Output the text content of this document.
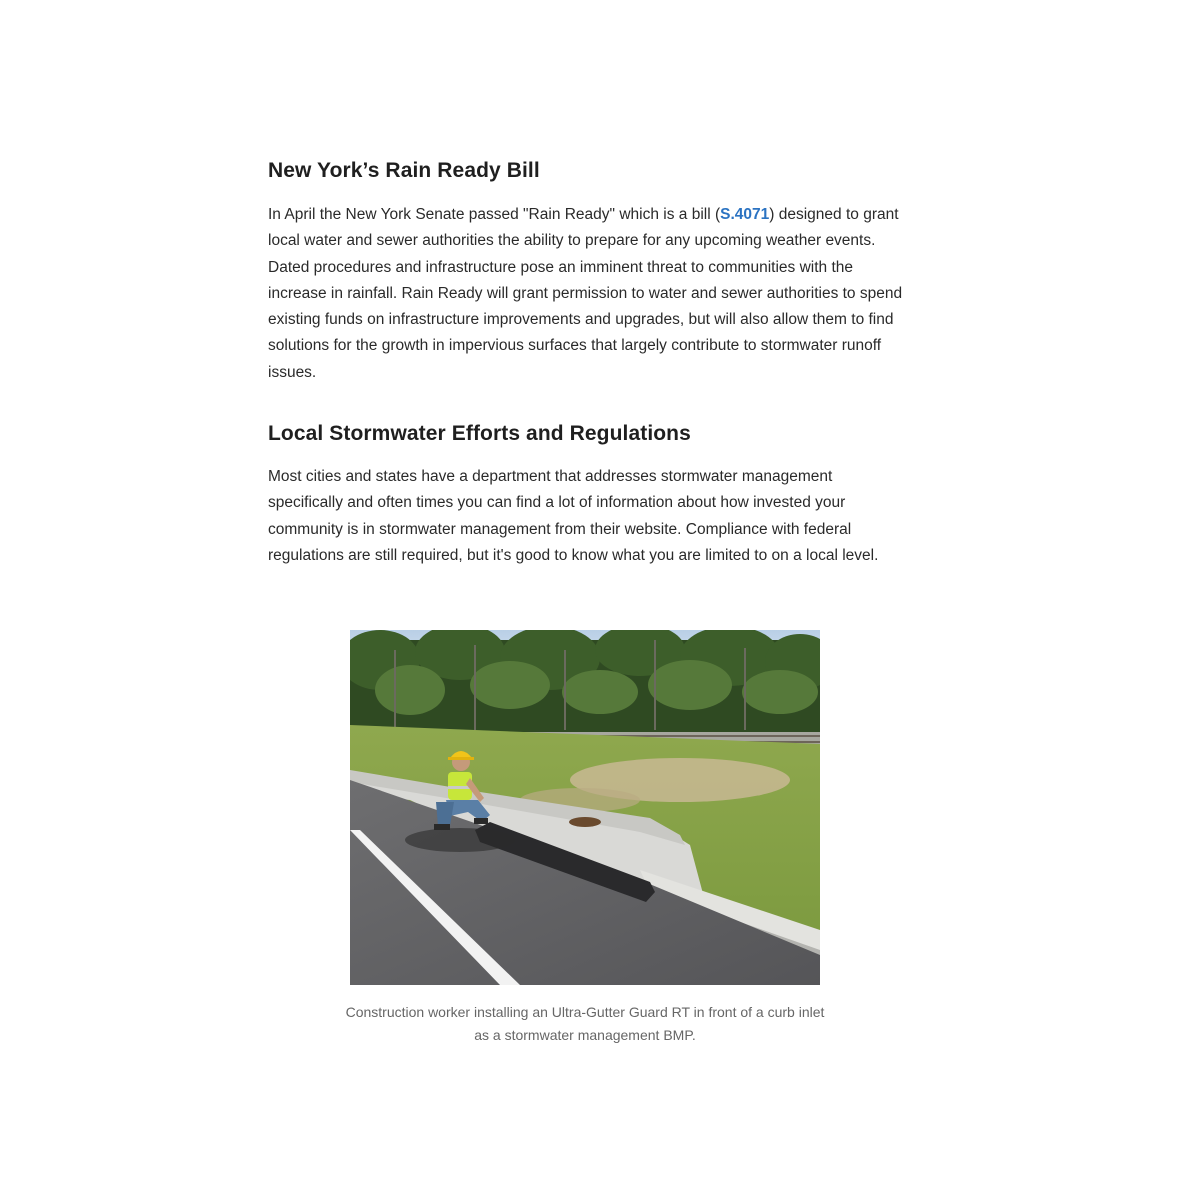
New York’s Rain Ready Bill

In April the New York Senate passed "Rain Ready" which is a bill (S.4071) designed to grant local water and sewer authorities the ability to prepare for any upcoming weather events. Dated procedures and infrastructure pose an imminent threat to communities with the increase in rainfall. Rain Ready will grant permission to water and sewer authorities to spend existing funds on infrastructure improvements and upgrades, but will also allow them to find solutions for the growth in impervious surfaces that largely contribute to stormwater runoff issues.

Local Stormwater Efforts and Regulations

Most cities and states have a department that addresses stormwater management specifically and often times you can find a lot of information about how invested your community is in stormwater management from their website. Compliance with federal regulations are still required, but it's good to know what you are limited to on a local level.

Construction worker installing an Ultra-Gutter Guard RT in front of a curb inlet as a stormwater management BMP.
